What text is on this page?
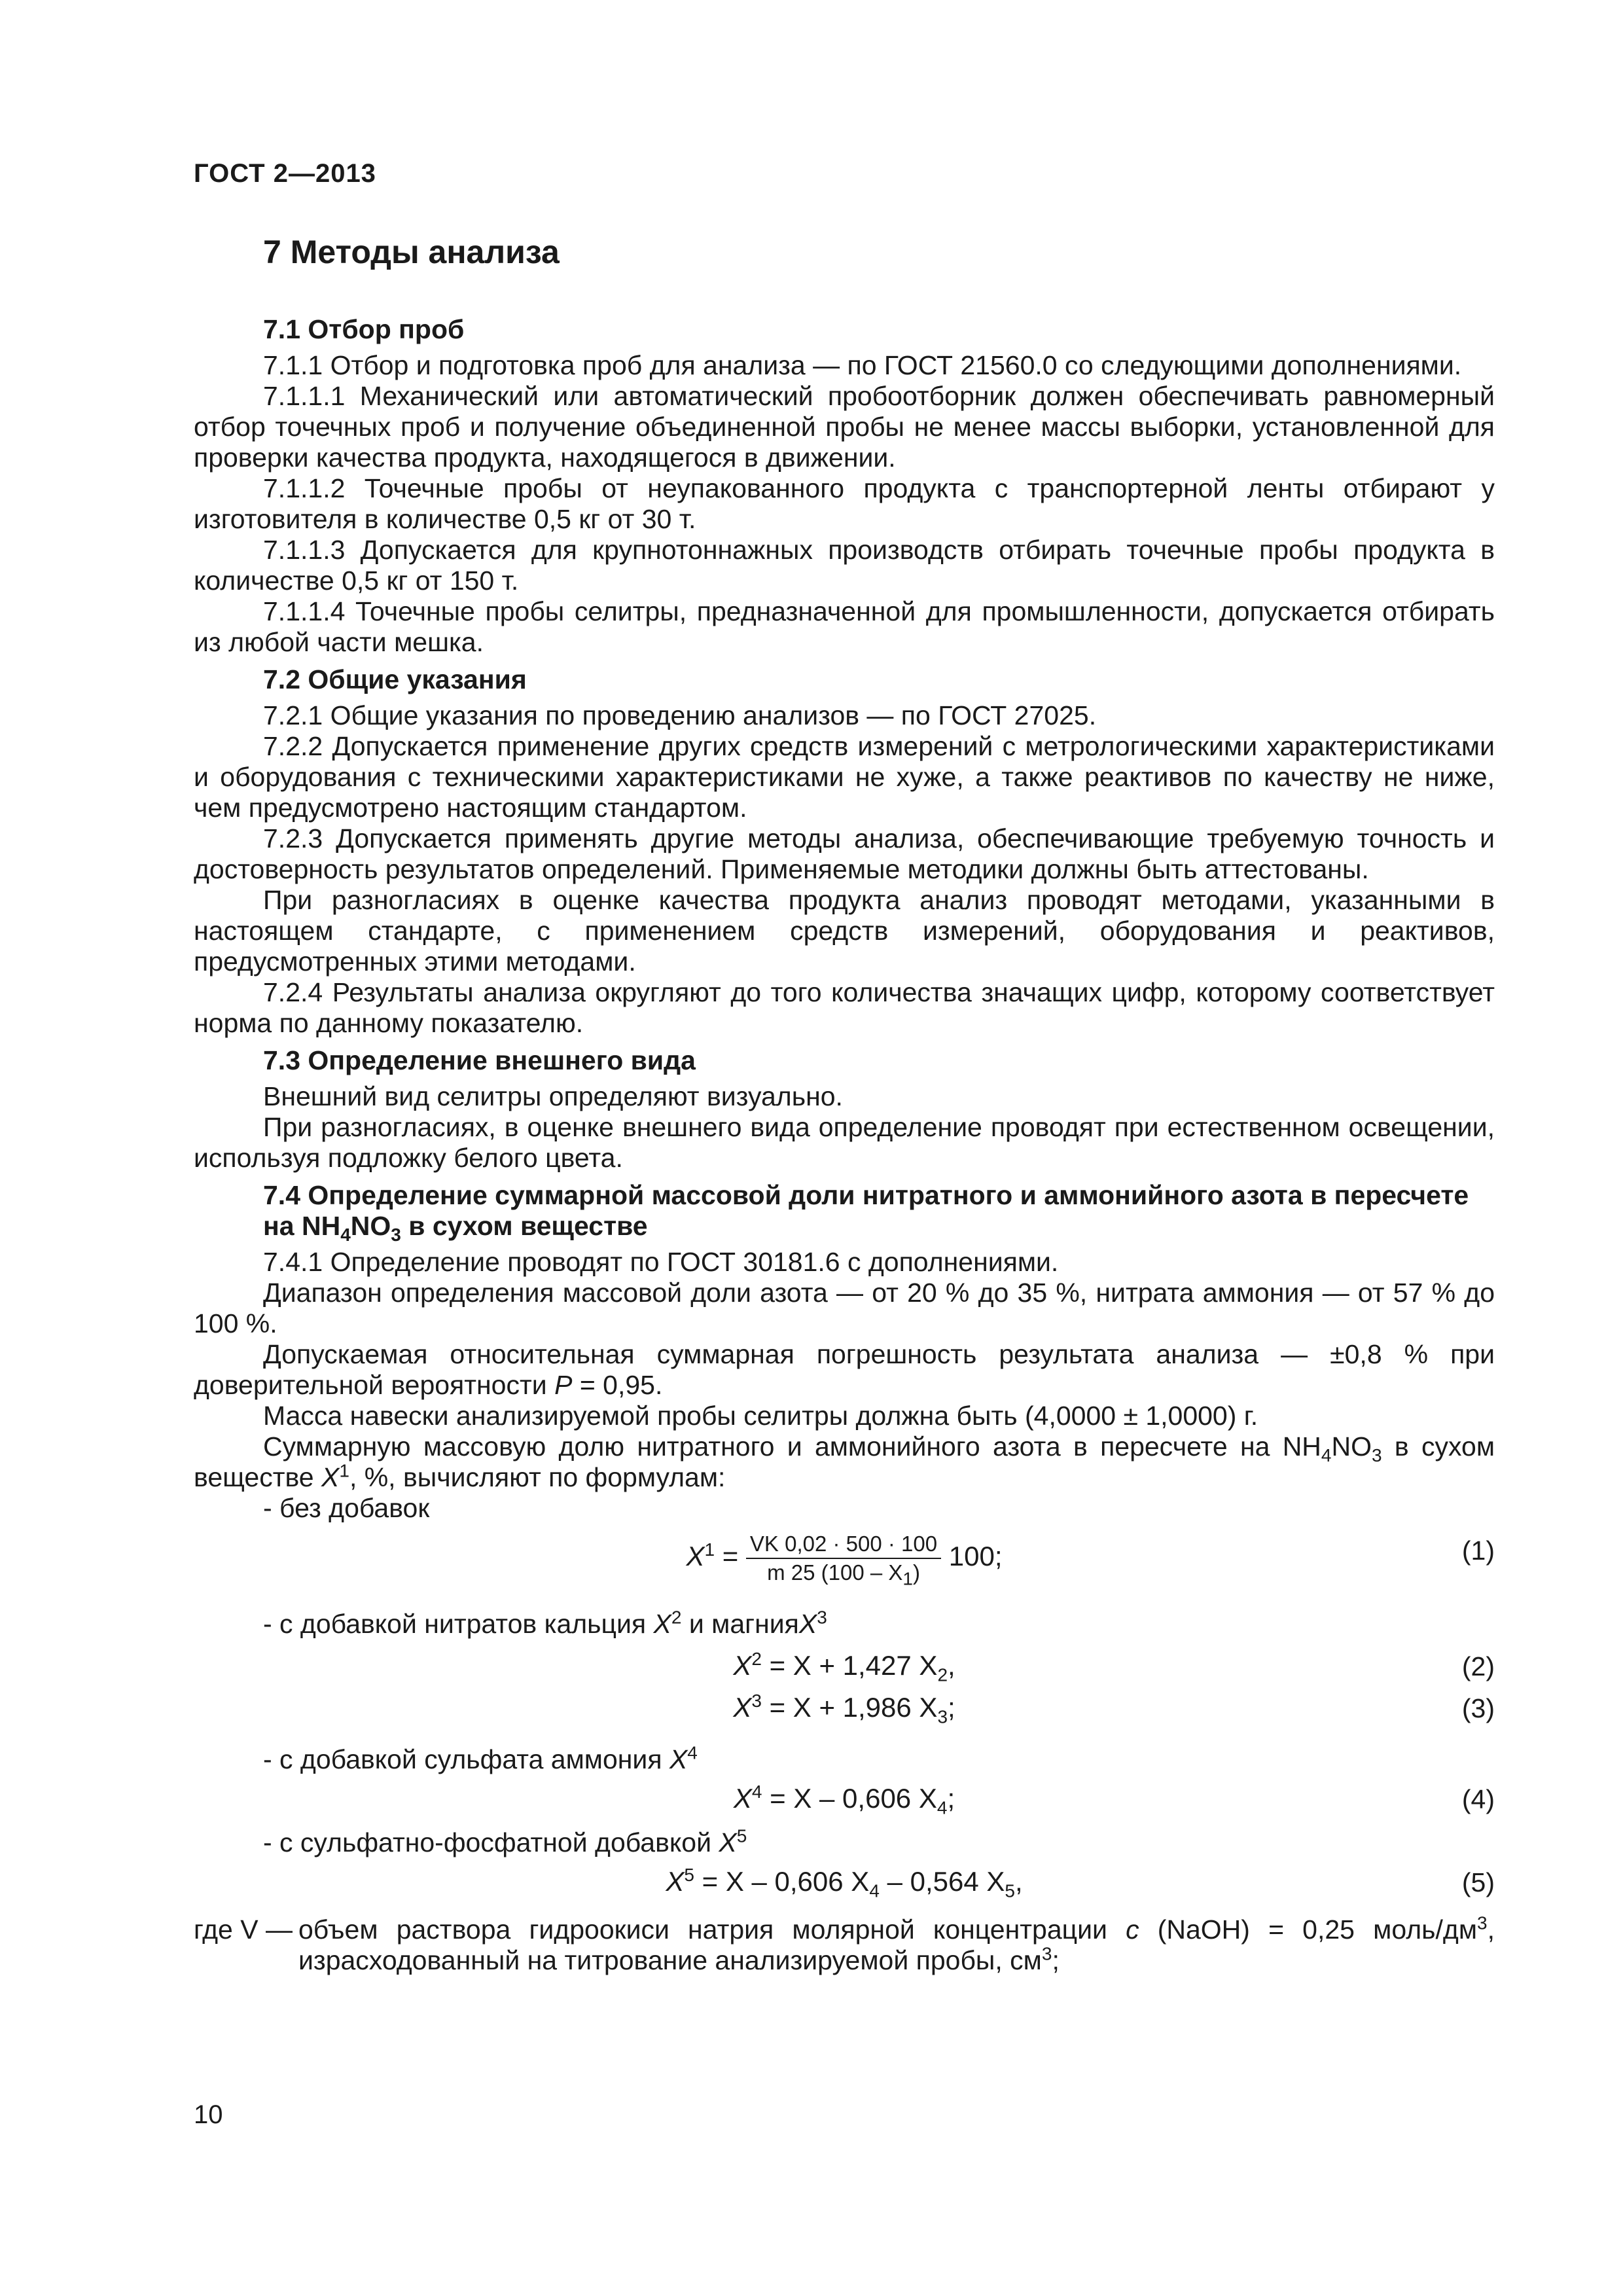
ГОСТ 2—2013
7 Методы анализа
7.1 Отбор проб

7.1.1 Отбор и подготовка проб для анализа — по ГОСТ 21560.0 со следующими дополнениями.

7.1.1.1 Механический или автоматический пробоотборник должен обеспечивать равномерный отбор точечных проб и получение объединенной пробы не менее массы выборки, установленной для проверки качества продукта, находящегося в движении.

7.1.1.2 Точечные пробы от неупакованного продукта с транспортерной ленты отбирают у изготовителя в количестве 0,5 кг от 30 т.

7.1.1.3 Допускается для крупнотоннажных производств отбирать точечные пробы продукта в количестве 0,5 кг от 150 т.

7.1.1.4 Точечные пробы селитры, предназначенной для промышленности, допускается отбирать из любой части мешка.

7.2 Общие указания

7.2.1 Общие указания по проведению анализов — по ГОСТ 27025.

7.2.2 Допускается применение других средств измерений с метрологическими характеристиками и оборудования с техническими характеристиками не хуже, а также реактивов по качеству не ниже, чем предусмотрено настоящим стандартом.

7.2.3 Допускается применять другие методы анализа, обеспечивающие требуемую точность и достоверность результатов определений. Применяемые методики должны быть аттестованы.

При разногласиях в оценке качества продукта анализ проводят методами, указанными в настоящем стандарте, с применением средств измерений, оборудования и реактивов, предусмотренных этими методами.

7.2.4 Результаты анализа округляют до того количества значащих цифр, которому соответствует норма по данному показателю.

7.3 Определение внешнего вида

Внешний вид селитры определяют визуально.

При разногласиях, в оценке внешнего вида определение проводят при естественном освещении, используя подложку белого цвета.

7.4 Определение суммарной массовой доли нитратного и аммонийного азота в пересчете на $NH_4NO_3$ в сухом веществе

7.4.1 Определение проводят по ГОСТ 30181.6 с дополнениями.

Диапазон определения массовой доли азота — от 20 % до 35 %, нитрата аммония — от 57 % до 100 %.

Допускаемая относительная суммарная погрешность результата анализа — ±0,8 % при доверительной вероятности P = 0,95.

Масса навески анализируемой пробы селитры должна быть (4,0000 ± 1,0000) г.

Суммарную массовую долю нитратного и аммонийного азота в пересчете на $NH_4NO_3$ в сухом веществе $X^1$, %, вычисляют по формулам:

- без добавок

$X^1 = \frac{VK 0,02 \cdot 500 \cdot 100}{m 25 (100 - X_1)} 100$;	(1)

- с добавкой нитратов кальция $X^2$ и магнияX$^3$

$X^2 = X + 1,427$ $X_2$,	(2)
$X^3 = X + 1,986$ $X_3$;	(3)

- с добавкой сульфата аммония $X^4$

$X^4 = X - 0,606$ $X_4$;	(4)

- с сульфатно-фосфатной добавкой $X^5$

$X^5 = X - 0,606$ $X_4 - 0,564$ $X_5$,	(5)
где V — объем раствора гидроокиси натрия молярной концентрации c (NaOH) = 0,25 моль/$дм^3$, израсходованный на титрование анализируемой пробы, $см^3$;
10
